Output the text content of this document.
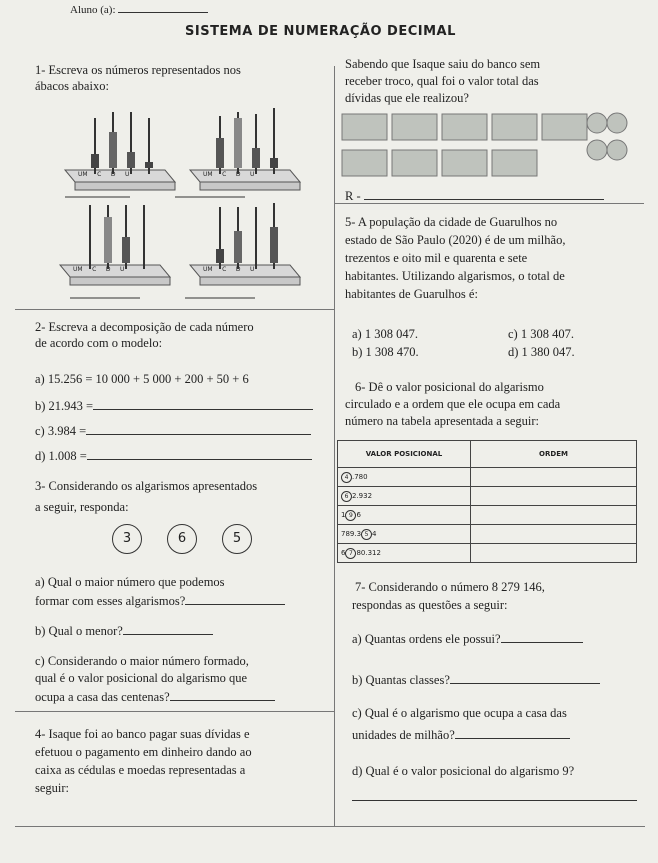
Aluno (a):
SISTEMA DE NUMERAÇÃO DECIMAL
1- Escreva os números representados nos
ábacos abaixo:
UM C D U	UM C D U
UM C D U	UM C D U
2- Escreva a decomposição de cada número
de acordo com o modelo:
a) 15.256 = 10 000 + 5 000 + 200 + 50 + 6
b) 21.943 =
c) 3.984 =
d) 1.008 =
3- Considerando os algarismos apresentados
a seguir, responda:
3	6	5
a) Qual o maior número que podemos
formar com esses algarismos?
b) Qual o menor?
c) Considerando o maior número formado,
qual é o valor posicional do algarismo que
ocupa a casa das centenas?
4- Isaque foi ao banco pagar suas dívidas e
efetuou o pagamento em dinheiro dando ao
caixa as cédulas e moedas representadas a
seguir:
Sabendo que Isaque saiu do banco sem
receber troco, qual foi o valor total das
dívidas que ele realizou?
R -
5- A população da cidade de Guarulhos no
estado de São Paulo (2020) é de um milhão,
trezentos e oito mil e quarenta e sete
habitantes. Utilizando algarismos, o total de
habitantes de Guarulhos é:
a) 1 308 047.
b) 1 308 470.
c) 1 308 407.
d) 1 380 047.
6- Dê o valor posicional do algarismo
circulado e a ordem que ele ocupa em cada
número na tabela apresentada a seguir:
VALOR POSICIONAL	ORDEM
4 .780	
6 2.932	
1 9 6	
789.3 5 4	
6 7 80.312	
7- Considerando o número 8 279 146,
respondas as questões a seguir:
a) Quantas ordens ele possui?
b) Quantas classes?
c) Qual é o algarismo que ocupa a casa das
unidades de milhão?
d) Qual é o valor posicional do algarismo 9?
